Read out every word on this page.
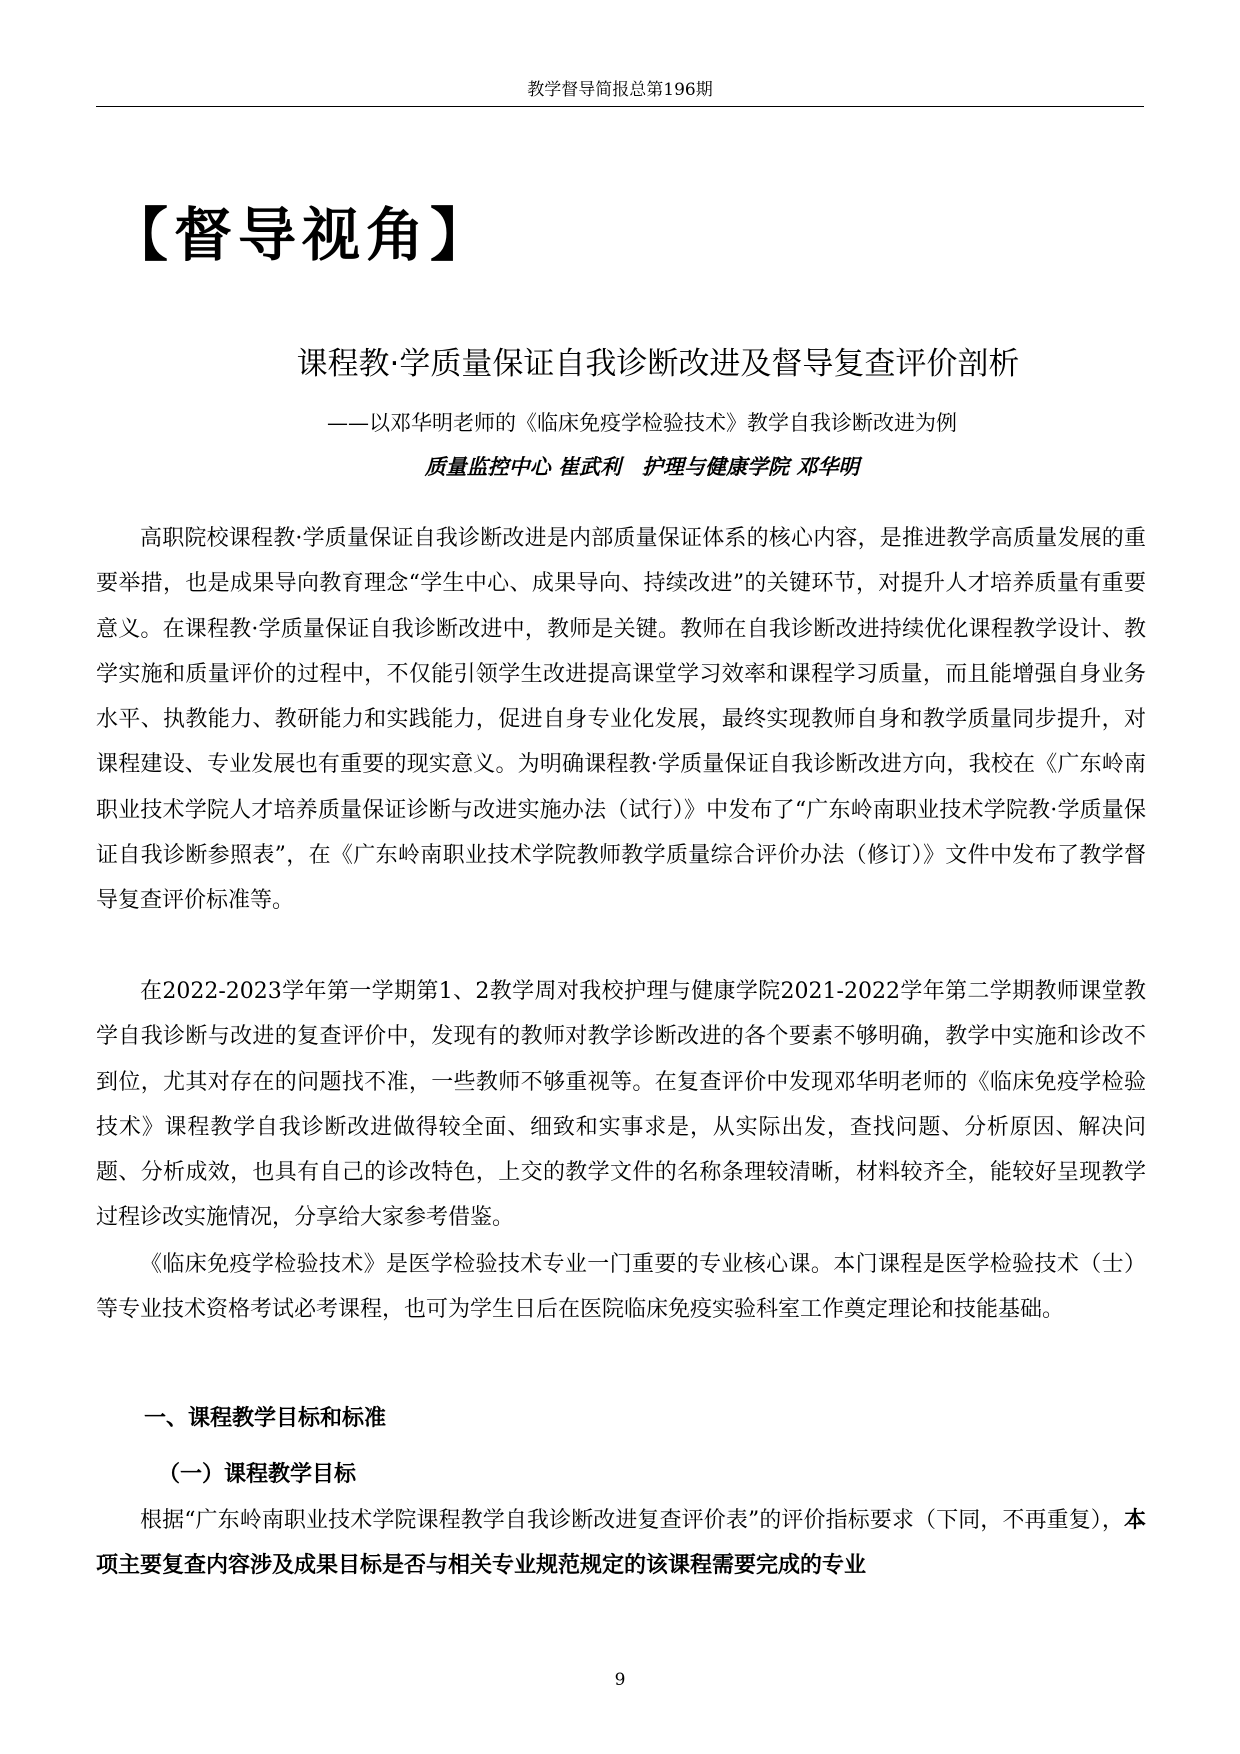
教学督导简报总第196期
【督导视角】
课程教·学质量保证自我诊断改进及督导复查评价剖析
——以邓华明老师的《临床免疫学检验技术》教学自我诊断改进为例
质量监控中心 崔武利　护理与健康学院 邓华明

高职院校课程教·学质量保证自我诊断改进是内部质量保证体系的核心内容，是推进教学高质量发展的重要举措，也是成果导向教育理念“学生中心、成果导向、持续改进”的关键环节，对提升人才培养质量有重要意义。在课程教·学质量保证自我诊断改进中，教师是关键。教师在自我诊断改进持续优化课程教学设计、教学实施和质量评价的过程中，不仅能引领学生改进提高课堂学习效率和课程学习质量，而且能增强自身业务水平、执教能力、教研能力和实践能力，促进自身专业化发展，最终实现教师自身和教学质量同步提升，对课程建设、专业发展也有重要的现实意义。为明确课程教·学质量保证自我诊断改进方向，我校在《广东岭南职业技术学院人才培养质量保证诊断与改进实施办法（试行）》中发布了“广东岭南职业技术学院教·学质量保证自我诊断参照表”，在《广东岭南职业技术学院教师教学质量综合评价办法（修订）》文件中发布了教学督导复查评价标准等。

在2022-2023学年第一学期第1、2教学周对我校护理与健康学院2021-2022学年第二学期教师课堂教学自我诊断与改进的复查评价中，发现有的教师对教学诊断改进的各个要素不够明确，教学中实施和诊改不到位，尤其对存在的问题找不准，一些教师不够重视等。在复查评价中发现邓华明老师的《临床免疫学检验技术》课程教学自我诊断改进做得较全面、细致和实事求是，从实际出发，查找问题、分析原因、解决问题、分析成效，也具有自己的诊改特色，上交的教学文件的名称条理较清晰，材料较齐全，能较好呈现教学过程诊改实施情况，分享给大家参考借鉴。

《临床免疫学检验技术》是医学检验技术专业一门重要的专业核心课。本门课程是医学检验技术（士）等专业技术资格考试必考课程，也可为学生日后在医院临床免疫实验科室工作奠定理论和技能基础。

一、课程教学目标和标准
（一）课程教学目标

根据“广东岭南职业技术学院课程教学自我诊断改进复查评价表”的评价指标要求（下同，不再重复），本项主要复查内容涉及成果目标是否与相关专业规范规定的该课程需要完成的专业

9
